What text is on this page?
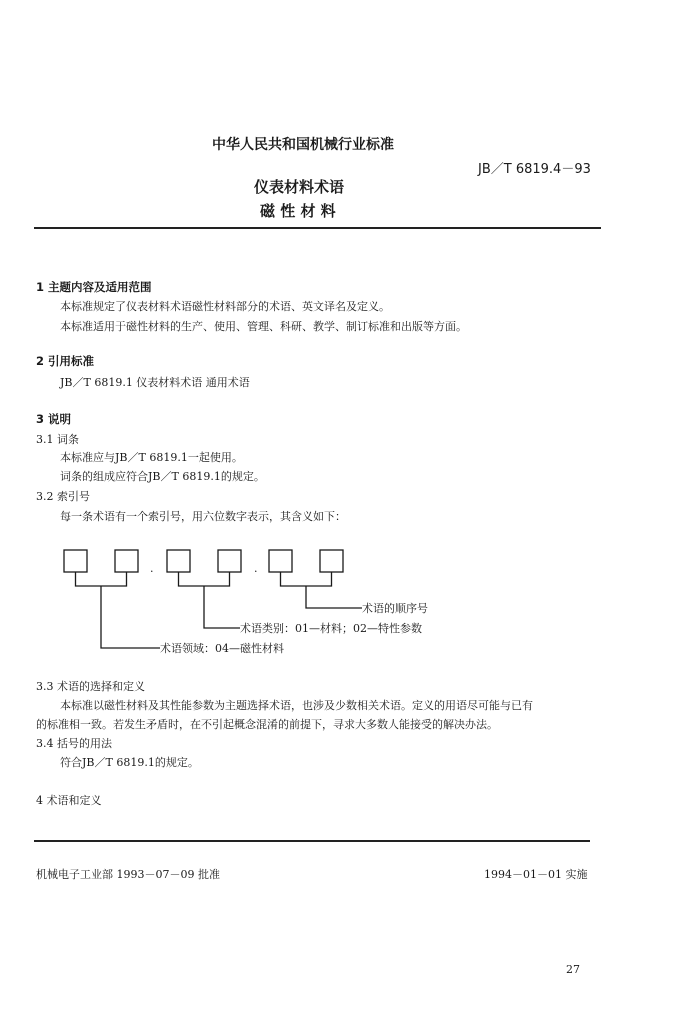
中华人民共和国机械行业标准
JB／T 6819.4－93
仪表材料术语
磁 性 材 料
1 主题内容及适用范围
本标准规定了仪表材料术语磁性材料部分的术语、英文译名及定义。
本标准适用于磁性材料的生产、使用、管理、科研、教学、制订标准和出版等方面。
2 引用标准
JB／T 6819.1 仪表材料术语 通用术语
3 说明
3.1 词条
本标准应与JB／T 6819.1一起使用。
词条的组成应符合JB／T 6819.1的规定。
3.2 索引号
每一条术语有一个索引号，用六位数字表示，其含义如下：
.	.
术语的顺序号
术语类别：01—材料；02—特性参数
术语领域：04—磁性材料
3.3 术语的选择和定义
本标准以磁性材料及其性能参数为主题选择术语，也涉及少数相关术语。定义的用语尽可能与已有
的标准相一致。若发生矛盾时，在不引起概念混淆的前提下，寻求大多数人能接受的解决办法。
3.4 括号的用法
符合JB／T 6819.1的规定。
4 术语和定义
机械电子工业部 1993－07－09 批准	1994－01－01 实施
27
